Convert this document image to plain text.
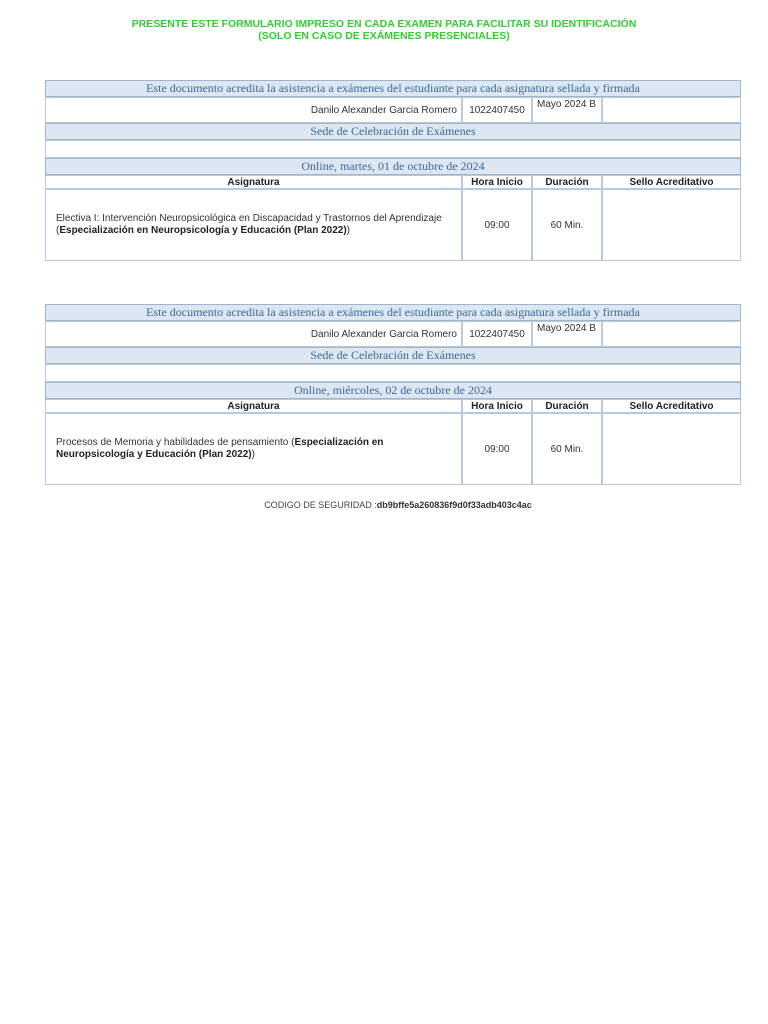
PRESENTE ESTE FORMULARIO IMPRESO EN CADA EXAMEN PARA FACILITAR SU IDENTIFICACIÓN
(SOLO EN CASO DE EXÁMENES PRESENCIALES)
Este documento acredita la asistencia a exámenes del estudiante para cada asignatura sellada y firmada			
Danilo Alexander Garcia Romero	1022407450	Mayo 2024 B	
Sede de Celebración de Exámenes			

Online, martes, 01 de octubre de 2024			
Asignatura	Hora Inicio	Duración	Sello Acreditativo
Electiva I: Intervención Neuropsicológica en Discapacidad y Trastornos del Aprendizaje (Especialización en Neuropsicología y Educación (Plan 2022))	09:00	60 Min.	
Este documento acredita la asistencia a exámenes del estudiante para cada asignatura sellada y firmada			
Danilo Alexander Garcia Romero	1022407450	Mayo 2024 B	
Sede de Celebración de Exámenes			

Online, miércoles, 02 de octubre de 2024			
Asignatura	Hora Inicio	Duración	Sello Acreditativo
Procesos de Memoria y habilidades de pensamiento (Especialización en Neuropsicología y Educación (Plan 2022))	09:00	60 Min.	
CODIGO DE SEGURIDAD :db9bffe5a260836f9d0f33adb403c4ac
